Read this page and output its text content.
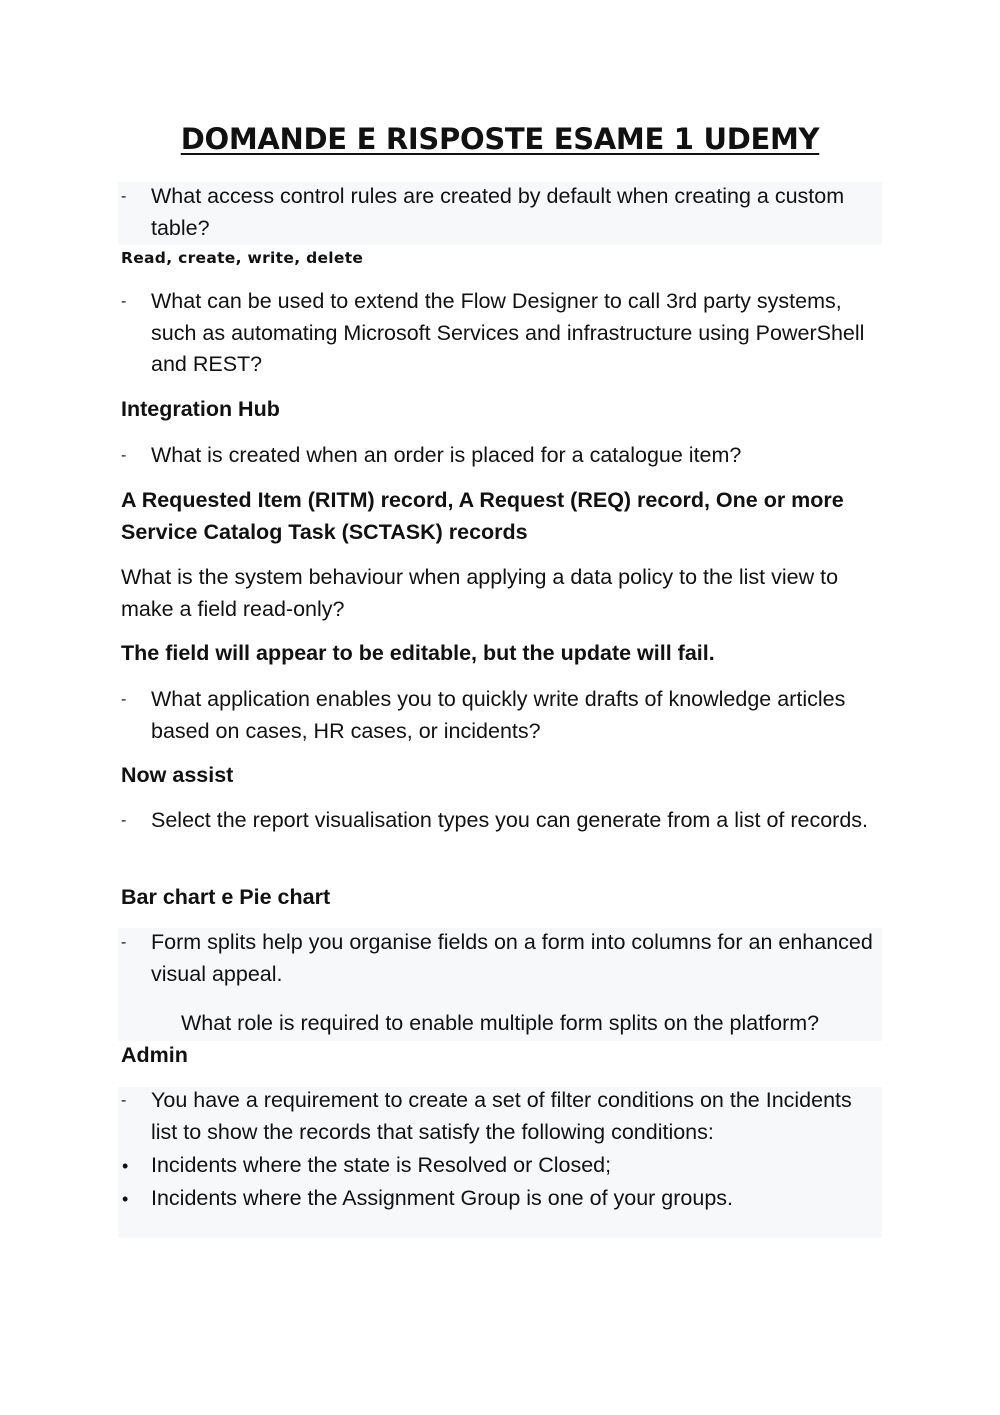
DOMANDE E RISPOSTE ESAME 1 UDEMY
- What access control rules are created by default when creating a custom table?
Read, create, write, delete
- What can be used to extend the Flow Designer to call 3rd party systems, such as automating Microsoft Services and infrastructure using PowerShell and REST?
Integration Hub
- What is created when an order is placed for a catalogue item?
A Requested Item (RITM) record, A Request (REQ) record, One or more Service Catalog Task (SCTASK) records
What is the system behaviour when applying a data policy to the list view to make a field read-only?
The field will appear to be editable, but the update will fail.
- What application enables you to quickly write drafts of knowledge articles based on cases, HR cases, or incidents?
Now assist
- Select the report visualisation types you can generate from a list of records.
Bar chart e Pie chart
- Form splits help you organise fields on a form into columns for an enhanced visual appeal.
What role is required to enable multiple form splits on the platform?
Admin
- You have a requirement to create a set of filter conditions on the Incidents list to show the records that satisfy the following conditions:
• Incidents where the state is Resolved or Closed;
• Incidents where the Assignment Group is one of your groups.
